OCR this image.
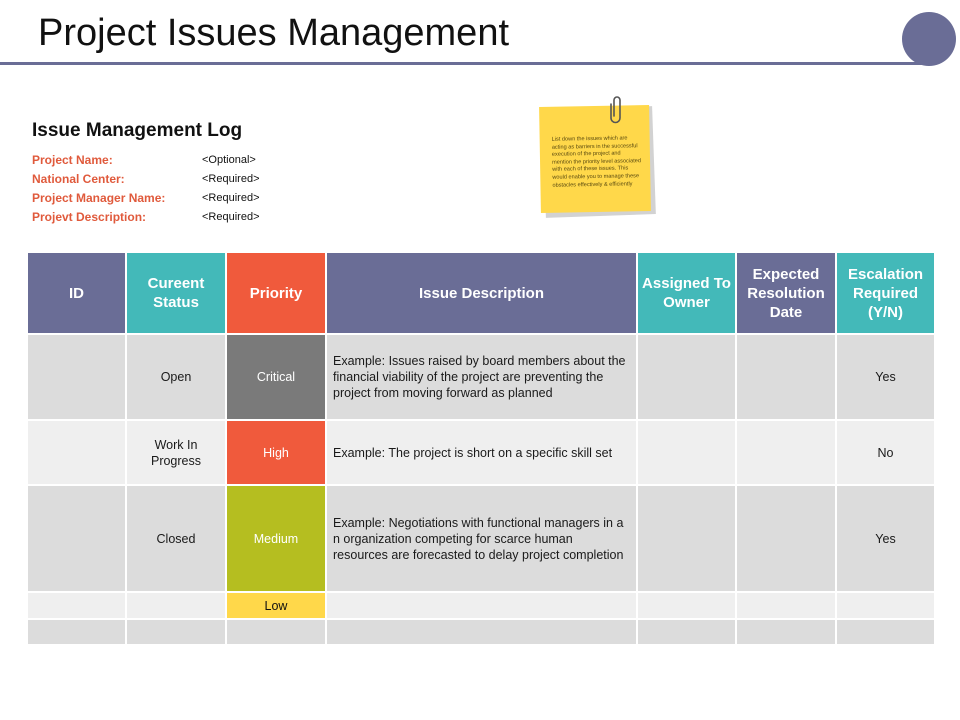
Project Issues Management
Issue Management Log
Project Name:	<Optional>
National Center:	<Required>
Project Manager Name:	<Required>
Projevt Description:	<Required>
List down the issues which are acting as barriers in the successful execution of the project and mention the priority level associated with each of these issues. This would enable you to manage these obstacles effectively & efficiently
ID	Cureent Status	Priority	Issue Description	Assigned To Owner	Expected Resolution Date	Escalation Required (Y/N)
	Open	Critical	Example: Issues raised by board members about the financial viability of the project are preventing the project from moving forward as planned			Yes
	Work In Progress	High	Example: The project is short on a specific skill set			No
	Closed	Medium	Example: Negotiations with functional managers in a n organization competing for scarce human resources are forecasted to delay project completion			Yes
		Low				
